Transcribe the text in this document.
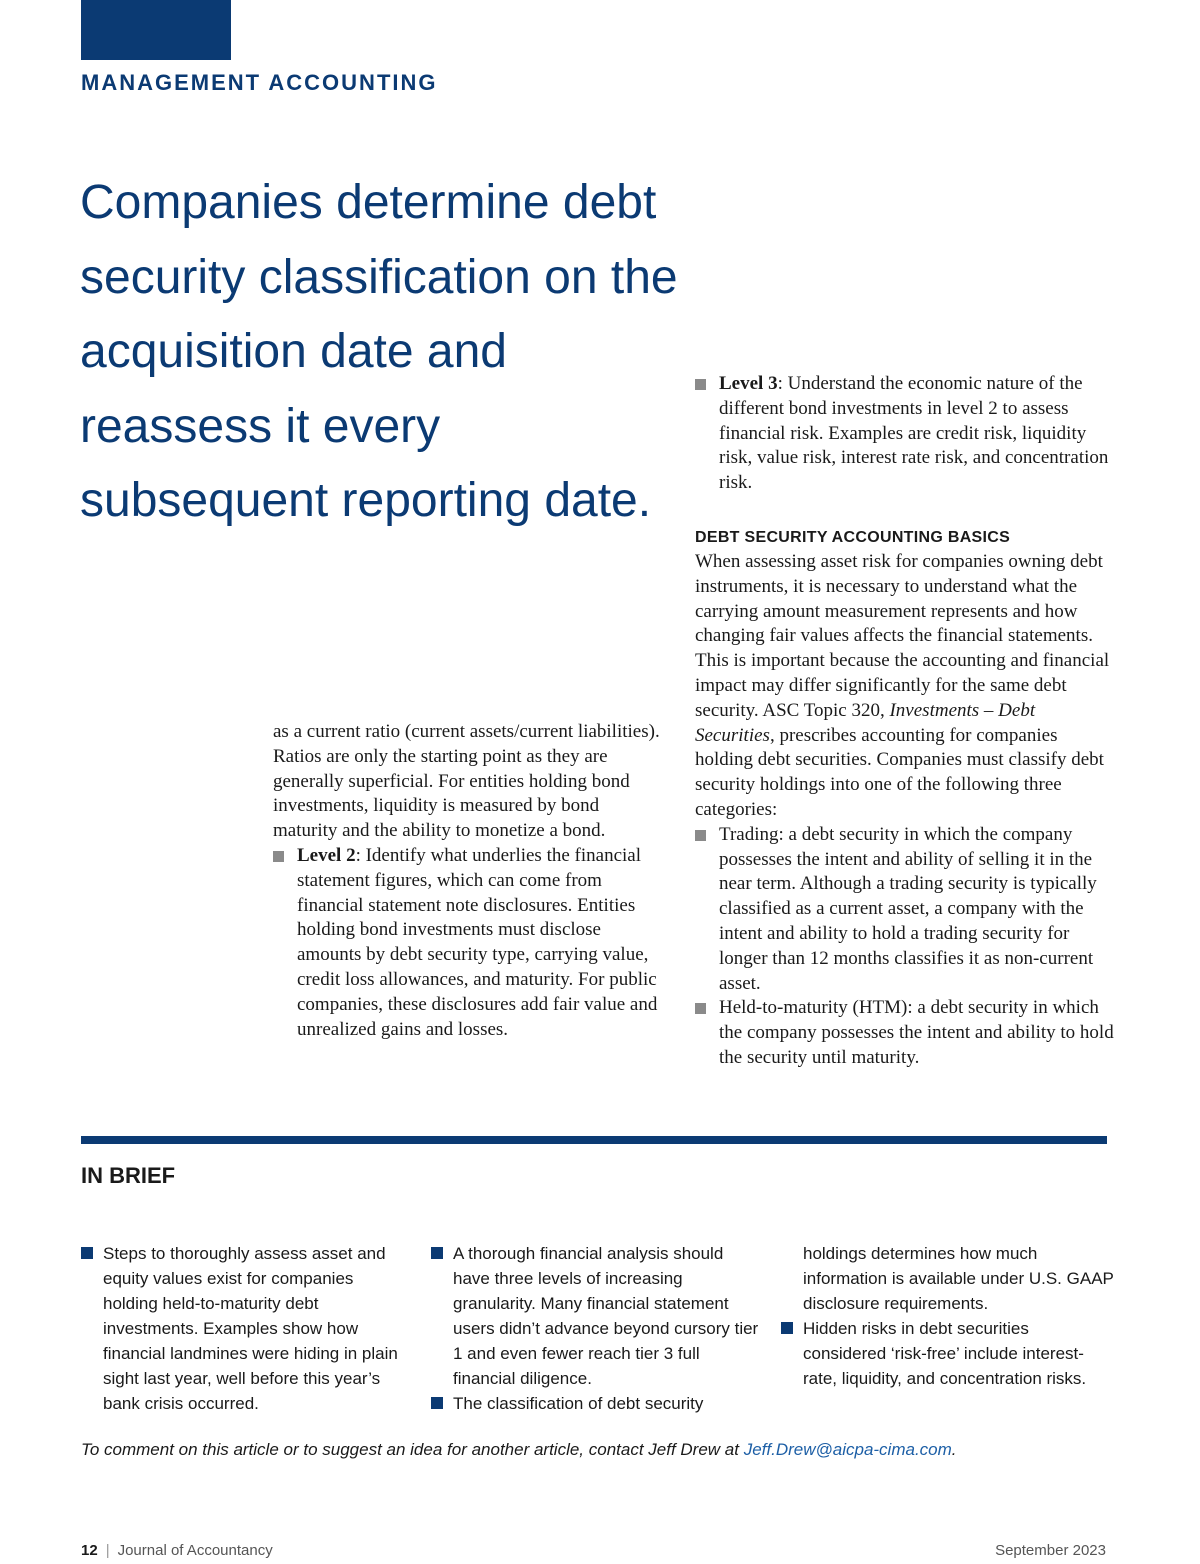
MANAGEMENT ACCOUNTING
Companies determine debt security classification on the acquisition date and reassess it every subsequent reporting date.

as a current ratio (current assets/current liabilities). Ratios are only the starting point as they are generally superficial. For entities holding bond investments, liquidity is measured by bond maturity and the ability to monetize a bond.

Level 2: Identify what underlies the financial statement figures, which can come from financial statement note disclosures. Entities holding bond investments must disclose amounts by debt security type, carrying value, credit loss allowances, and maturity. For public companies, these disclosures add fair value and unrealized gains and losses.

Level 3: Understand the economic nature of the different bond investments in level 2 to assess financial risk. Examples are credit risk, liquidity risk, value risk, interest rate risk, and concentration risk.

DEBT SECURITY ACCOUNTING BASICS

When assessing asset risk for companies owning debt instruments, it is necessary to understand what the carrying amount measurement represents and how changing fair values affects the financial statements. This is important because the accounting and financial impact may differ significantly for the same debt security. ASC Topic 320, Investments – Debt Securities, prescribes accounting for companies holding debt securities. Companies must classify debt security holdings into one of the following three categories:

Trading: a debt security in which the company possesses the intent and ability of selling it in the near term. Although a trading security is typically classified as a current asset, a company with the intent and ability to hold a trading security for longer than 12 months classifies it as non-current asset.

Held-to-maturity (HTM): a debt security in which the company possesses the intent and ability to hold the security until maturity.

IN BRIEF

Steps to thoroughly assess asset and equity values exist for companies holding held-to-maturity debt investments. Examples show how financial landmines were hiding in plain sight last year, well before this year’s bank crisis occurred.

A thorough financial analysis should have three levels of increasing granularity. Many financial statement users didn’t advance beyond cursory tier 1 and even fewer reach tier 3 full financial diligence.

The classification of debt security

holdings determines how much information is available under U.S. GAAP disclosure requirements.

Hidden risks in debt securities considered ‘risk-free’ include interest-rate, liquidity, and concentration risks.

To comment on this article or to suggest an idea for another article, contact Jeff Drew at Jeff.Drew@aicpa-cima.com.
12 | Journal of Accountancy	September 2023
